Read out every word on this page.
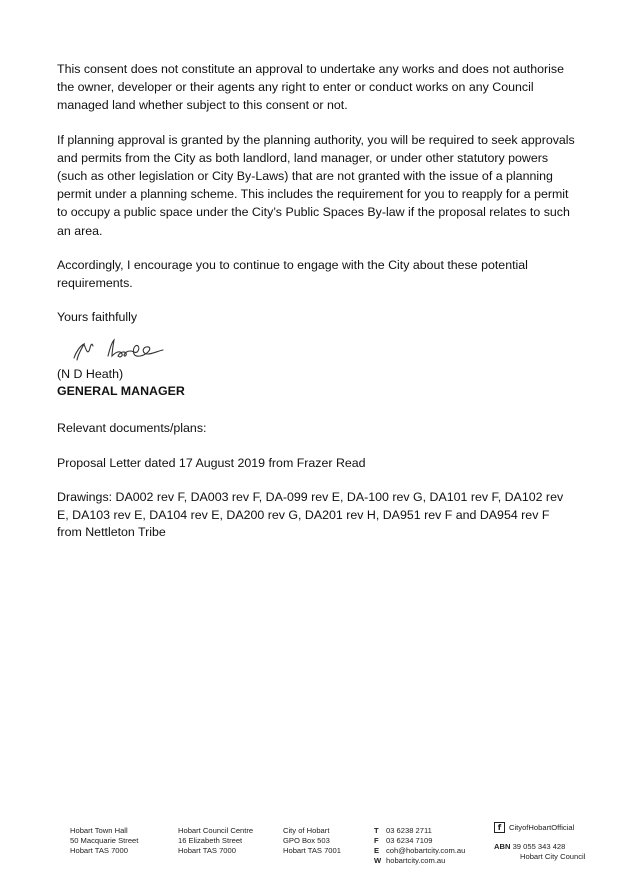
This consent does not constitute an approval to undertake any works and does not authorise the owner, developer or their agents any right to enter or conduct works on any Council managed land whether subject to this consent or not.

If planning approval is granted by the planning authority, you will be required to seek approvals and permits from the City as both landlord, land manager, or under other statutory powers (such as other legislation or City By-Laws) that are not granted with the issue of a planning permit under a planning scheme. This includes the requirement for you to reapply for a permit to occupy a public space under the City’s Public Spaces By-law if the proposal relates to such an area.

Accordingly, I encourage you to continue to engage with the City about these potential requirements.

Yours faithfully

(N D Heath)
GENERAL MANAGER

Relevant documents/plans:

Proposal Letter dated 17 August 2019 from Frazer Read

Drawings: DA002 rev F, DA003 rev F, DA-099 rev E, DA-100 rev G, DA101 rev F, DA102 rev E, DA103 rev E, DA104 rev E, DA200 rev G, DA201 rev H, DA951 rev F and DA954 rev F from Nettleton Tribe

Hobart Town Hall
50 Macquarie Street
Hobart TAS 7000
Hobart Council Centre
16 Elizabeth Street
Hobart TAS 7000
City of Hobart
GPO Box 503
Hobart TAS 7001
T 03 6238 2711
F 03 6234 7109
E coh@hobartcity.com.au
W hobartcity.com.au
f	CityofHobartOfficial
ABN 39 055 343 428
Hobart City Council
